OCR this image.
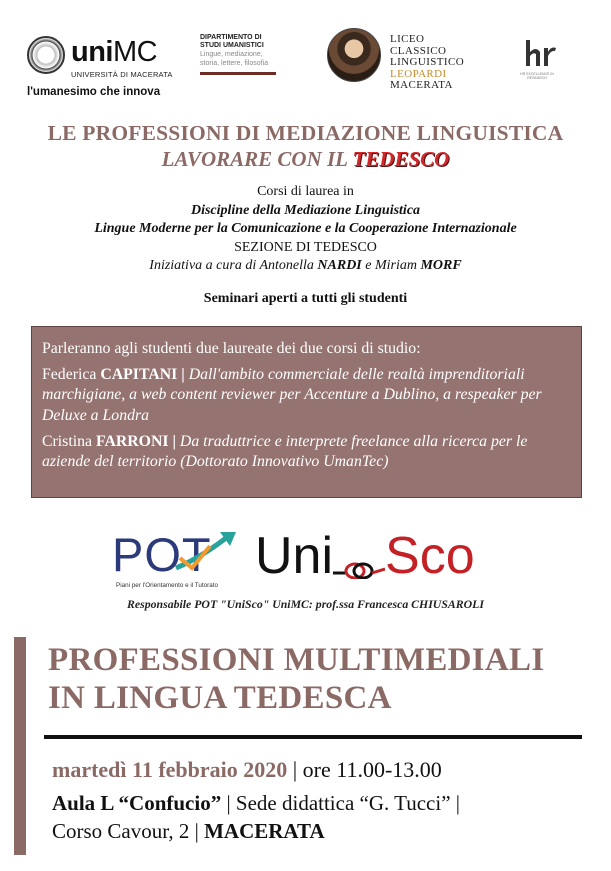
uniMC
UNIVERSITÀ DI MACERATA
l'umanesimo che innova
DIPARTIMENTO DI
STUDI UMANISTICI
Lingue, mediazione,
storia, lettere, filosofia
LICEO
CLASSICO
LINGUISTICO
LEOPARDI
MACERATA
HR EXCELLENCE IN RESEARCH
LE PROFESSIONI DI MEDIAZIONE LINGUISTICA
LAVORARE CON IL TEDESCO
Corsi di laurea in
Discipline della Mediazione Linguistica
Lingue Moderne per la Comunicazione e la Cooperazione Internazionale
SEZIONE DI TEDESCO
Iniziativa a cura di Antonella NARDI e Miriam MORF
Seminari aperti a tutti gli studenti
Parleranno agli studenti due laureate dei due corsi di studio:
Federica CAPITANI | Dall'ambito commerciale delle realtà imprenditoriali marchigiane, a web content reviewer per Accenture a Dublino, a respeaker per Deluxe a Londra
Cristina FARRONI | Da traduttrice e interprete freelance alla ricerca per le aziende del territorio (Dottorato Innovativo UmanTec)
POT
Piani per l'Orientamento e il Tutorato
Uni Sco
Responsabile POT "UniSco" UniMC: prof.ssa Francesca CHIUSAROLI
PROFESSIONI MULTIMEDIALI
IN LINGUA TEDESCA
martedì 11 febbraio 2020 | ore 11.00-13.00
Aula L “Confucio” | Sede didattica “G. Tucci” |
Corso Cavour, 2 | MACERATA
